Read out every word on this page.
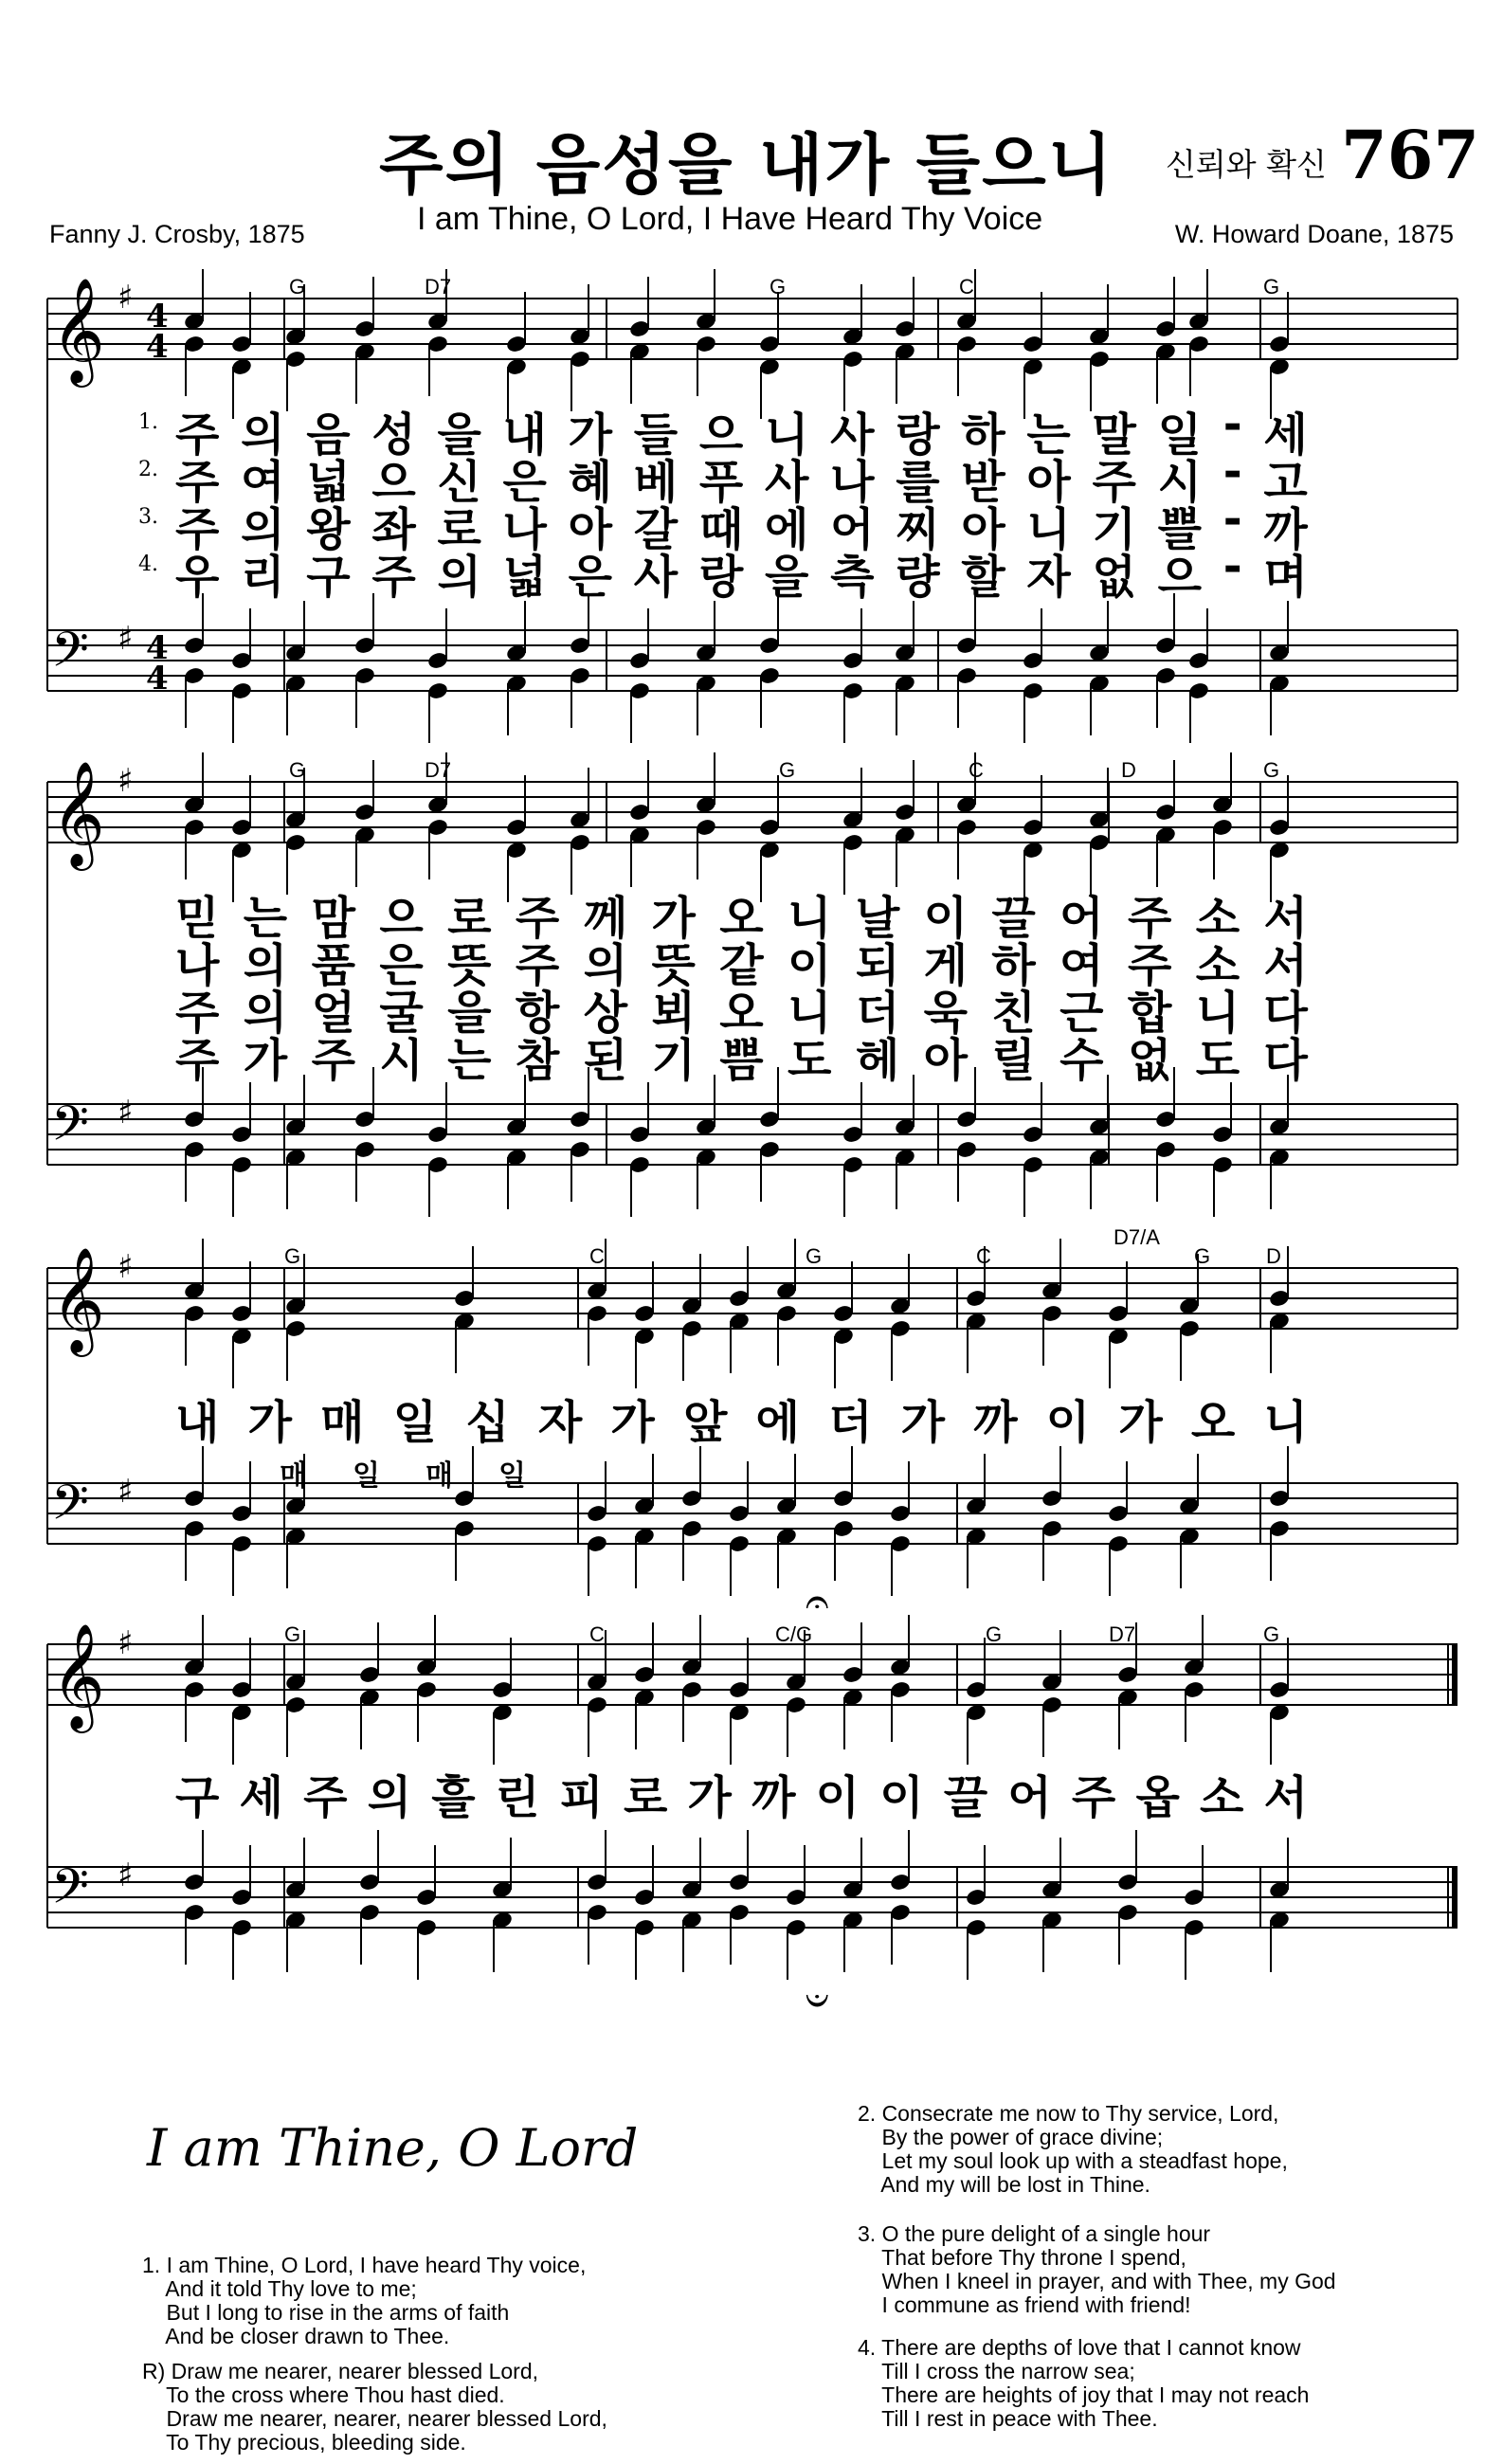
주의 음성을 내가 들으니 신뢰와 확신 767
I am Thine, O Lord, I Have Heard Thy Voice
Fanny J. Crosby, 1875	W. Howard Doane, 1875
𝄞 ♯ 4
4
𝄢 ♯ 4
4
𝄞 ♯
𝄢 ♯
𝄞 ♯
𝄢 ♯
𝄞 ♯
𝄢 ♯
𝄐
𝄑
G	D7	G	C	G
1.
2.
3.
4.
주 의 음 성 을 내 가 들 으 니 사 랑 하 는 말 일 - 세
주 여 넓 으 신 은 혜 베 푸 사 나 를 받 아 주 시 - 고
주 의 왕 좌 로 나 아 갈 때 에 어 찌 아 니 기 쁠 - 까
우 리 구 주 의 넓 은 사 랑 을 측 량 할 자 없 으 - 며
G	D7	G	C	D	G
믿 는 맘 으 로 주 께 가 오 니 날 이 끌 어 주 소 서
나 의 품 은 뜻 주 의 뜻 같 이 되 게 하 여 주 소 서
주 의 얼 굴 을 항 상 뵈 오 니 더 욱 친 근 합 니 다
주 가 주 시 는 참 된 기 쁨 도 헤 아 릴 수 없 도 다
G	C	G	C
D7/A
G	D
내 가 매 일 십 자 가 앞 에 더 가 까 이 가 오 니
매 일 매 일
G	C	C/G	G	D7	G
구 세 주 의 흘 린 피 로 가 까 이 이 끌 어 주 옵 소 서
I am Thine, O Lord
1. I am Thine, O Lord, I have heard Thy voice,
And it told Thy love to me;
But I long to rise in the arms of faith
And be closer drawn to Thee.
R) Draw me nearer, nearer blessed Lord,
To the cross where Thou hast died.
Draw me nearer, nearer, nearer blessed Lord,
To Thy precious, bleeding side.
2. Consecrate me now to Thy service, Lord,
By the power of grace divine;
Let my soul look up with a steadfast hope,
And my will be lost in Thine.
3. O the pure delight of a single hour
That before Thy throne I spend,
When I kneel in prayer, and with Thee, my God
I commune as friend with friend!
4. There are depths of love that I cannot know
Till I cross the narrow sea;
There are heights of joy that I may not reach
Till I rest in peace with Thee.
